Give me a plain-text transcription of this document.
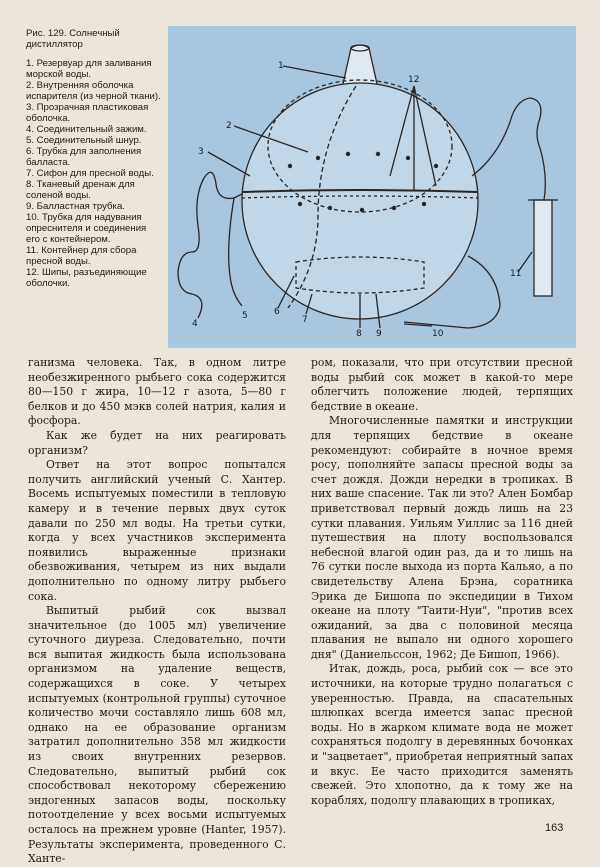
Рис. 129. Солнечный дистиллятор

1. Резервуар для заливания морской воды.

2. Внутренняя оболочка испарителя (из черной ткани).

3. Прозрачная пластиковая оболочка.

4. Соединительный зажим.

5. Соединительный шнур.

6. Трубка для заполнения балласта.

7. Сифон для пресной воды.

8. Тканевый дренаж для соленой воды.

9. Балластная трубка.

10. Трубка для надувания опреснителя и соединения его с контейнером.

11. Контейнер для сбора пресной воды.

12. Шипы, разъединяющие оболочки.

1
2
3
4
5	6
7
8 9	10
11
12

ганизма человека. Так, в одном литре необезжиренного рыбьего сока содержится 80—150 г жира, 10—12 г азота, 5—80 г белков и до 450 мэкв солей натрия, калия и фосфора.

Как же будет на них реагировать организм?

Ответ на этот вопрос попытался получить английский ученый С. Хантер. Восемь испытуемых поместили в тепловую камеру и в течение первых двух суток давали по 250 мл воды. На третьи сутки, когда у всех участников эксперимента появились выраженные признаки обезвоживания, четырем из них выдали дополнительно по одному литру рыбьего сока.

Выпитый рыбий сок вызвал значительное (до 1005 мл) увеличение суточного диуреза. Следовательно, почти вся выпитая жидкость была использована организмом на удаление веществ, содержащихся в соке. У четырех испытуемых (контрольной группы) суточное количество мочи составляло лишь 608 мл, однако на ее образование организм затратил дополнительно 358 мл жидкости из своих внутренних резервов. Следовательно, выпитый рыбий сок способствовал некоторому сбережению эндогенных запасов воды, поскольку потоотделение у всех восьми испытуемых осталось на прежнем уровне (Hanter, 1957). Результаты эксперимента, проведенного С. Ханте-

ром, показали, что при отсутствии пресной воды рыбий сок может в какой-то мере облегчить положение людей, терпящих бедствие в океане.

Многочисленные памятки и инструкции для терпящих бедствие в океане рекомендуют: собирайте в ночное время росу, пополняйте запасы пресной воды за счет дождя. Дожди нередки в тропиках. В них ваше спасение. Так ли это? Ален Бомбар приветствовал первый дождь лишь на 23 сутки плавания. Уильям Уиллис за 116 дней путешествия на плоту воспользовался небесной влагой один раз, да и то лишь на 76 сутки после выхода из порта Кальяо, а по свидетельству Алена Брэна, соратника Эрика де Бишопа по экспедиции в Тихом океане на плоту "Таити-Нуи", "против всех ожиданий, за два с половиной месяца плавания не выпало ни одного хорошего дня" (Даниельссон, 1962; Де Бишоп, 1966).

Итак, дождь, роса, рыбий сок — все это источники, на которые трудно полагаться с уверенностью. Правда, на спасательных шлюпках всегда имеется запас пресной воды. Но в жарком климате вода не может сохраняться подолгу в деревянных бочонках и "зацветает", приобретая неприятный запах и вкус. Ее часто приходится заменять свежей. Это хлопотно, да к тому же на кораблях, подолгу плавающих в тропиках,

163
